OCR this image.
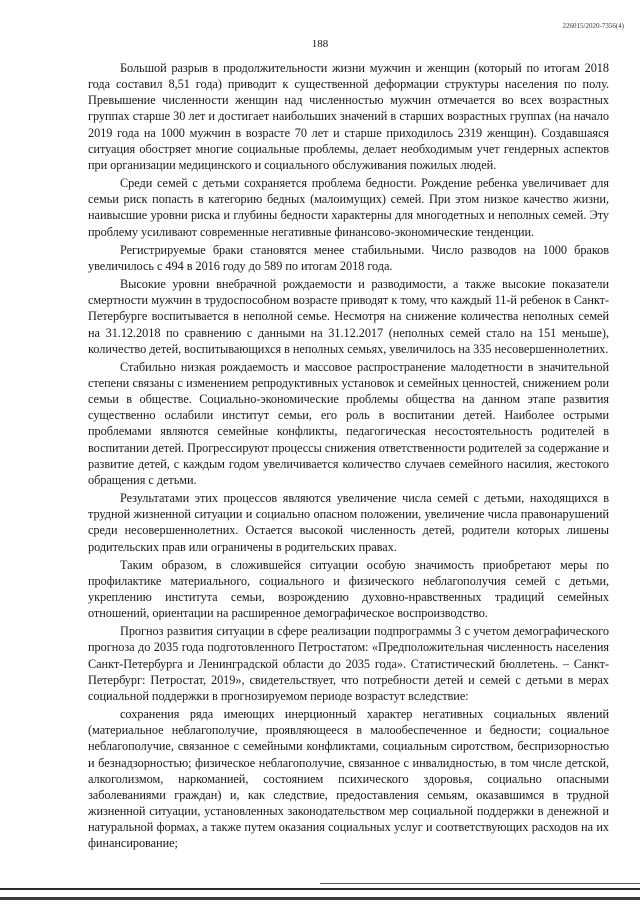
226015/2020-7356(4)
188

Большой разрыв в продолжительности жизни мужчин и женщин (который по итогам 2018 года составил 8,51 года) приводит к существенной деформации структуры населения по полу. Превышение численности женщин над численностью мужчин отмечается во всех возрастных группах старше 30 лет и достигает наибольших значений в старших возрастных группах (на начало 2019 года на 1000 мужчин в возрасте 70 лет и старше приходилось 2319 женщин). Создавшаяся ситуация обостряет многие социальные проблемы, делает необходимым учет гендерных аспектов при организации медицинского и социального обслуживания пожилых людей.

Среди семей с детьми сохраняется проблема бедности. Рождение ребенка увеличивает для семьи риск попасть в категорию бедных (малоимущих) семей. При этом низкое качество жизни, наивысшие уровни риска и глубины бедности характерны для многодетных и неполных семей. Эту проблему усиливают современные негативные финансово-экономические тенденции.

Регистрируемые браки становятся менее стабильными. Число разводов на 1000 браков увеличилось с 494 в 2016 году до 589 по итогам 2018 года.

Высокие уровни внебрачной рождаемости и разводимости, а также высокие показатели смертности мужчин в трудоспособном возрасте приводят к тому, что каждый 11-й ребенок в Санкт-Петербурге воспитывается в неполной семье. Несмотря на снижение количества неполных семей на 31.12.2018 по сравнению с данными на 31.12.2017 (неполных семей стало на 151 меньше), количество детей, воспитывающихся в неполных семьях, увеличилось на 335 несовершеннолетних.

Стабильно низкая рождаемость и массовое распространение малодетности в значительной степени связаны с изменением репродуктивных установок и семейных ценностей, снижением роли семьи в обществе. Социально-экономические проблемы общества на данном этапе развития существенно ослабили институт семьи, его роль в воспитании детей. Наиболее острыми проблемами являются семейные конфликты, педагогическая несостоятельность родителей в воспитании детей. Прогрессируют процессы снижения ответственности родителей за содержание и развитие детей, с каждым годом увеличивается количество случаев семейного насилия, жестокого обращения с детьми.

Результатами этих процессов являются увеличение числа семей с детьми, находящихся в трудной жизненной ситуации и социально опасном положении, увеличение числа правонарушений среди несовершеннолетних. Остается высокой численность детей, родители которых лишены родительских прав или ограничены в родительских правах.

Таким образом, в сложившейся ситуации особую значимость приобретают меры по профилактике материального, социального и физического неблагополучия семей с детьми, укреплению института семьи, возрождению духовно-нравственных традиций семейных отношений, ориентации на расширенное демографическое воспроизводство.

Прогноз развития ситуации в сфере реализации подпрограммы 3 с учетом демографического прогноза до 2035 года подготовленного Петростатом: «Предположительная численность населения Санкт-Петербурга и Ленинградской области до 2035 года». Статистический бюллетень. – Санкт-Петербург: Петростат, 2019», свидетельствует, что потребности детей и семей с детьми в мерах социальной поддержки в прогнозируемом периоде возрастут вследствие:

сохранения ряда имеющих инерционный характер негативных социальных явлений (материальное неблагополучие, проявляющееся в малообеспеченное и бедности; социальное неблагополучие, связанное с семейными конфликтами, социальным сиротством, беспризорностью и безнадзорностью; физическое неблагополучие, связанное с инвалидностью, в том числе детской, алкоголизмом, наркоманией, состоянием психического здоровья, социально опасными заболеваниями граждан) и, как следствие, предоставления семьям, оказавшимся в трудной жизненной ситуации, установленных законодательством мер социальной поддержки в денежной и натуральной формах, а также путем оказания социальных услуг и соответствующих расходов на их финансирование;
